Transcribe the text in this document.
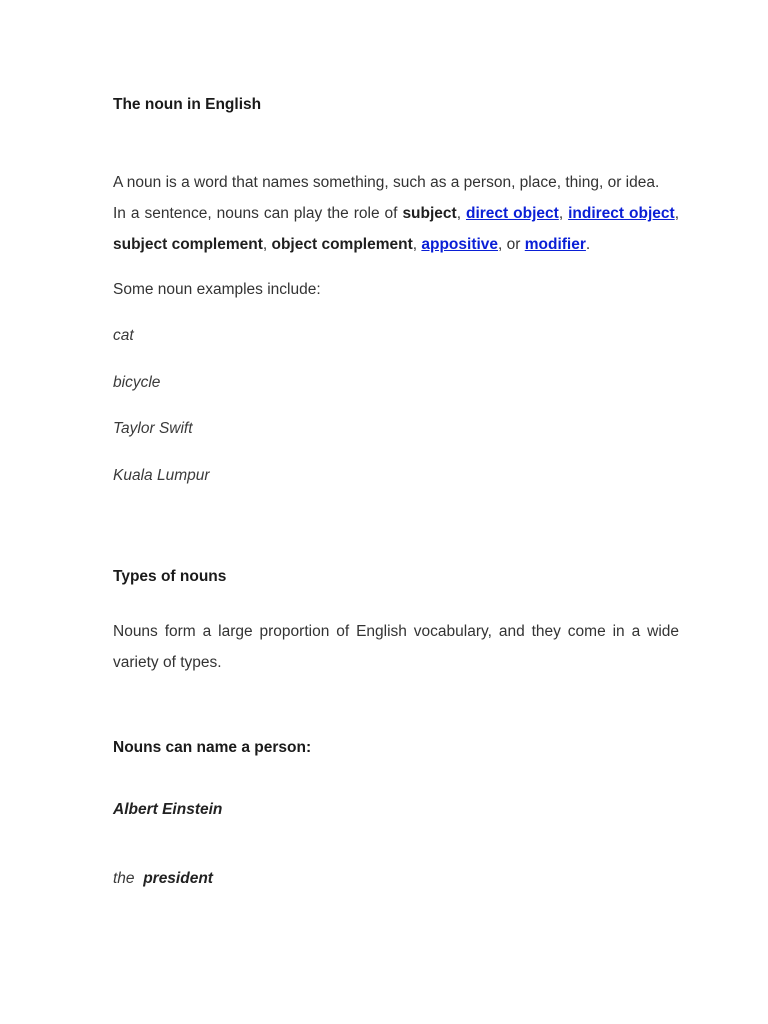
The noun in English

A noun is a word that names something, such as a person, place, thing, or idea.

In a sentence, nouns can play the role of subject, direct object, indirect object, subject complement, object complement, appositive, or modifier.

Some noun examples include:

cat

bicycle

Taylor Swift

Kuala Lumpur

Types of nouns

Nouns form a large proportion of English vocabulary, and they come in a wide variety of types.

Nouns can name a person:

Albert Einstein

the president
